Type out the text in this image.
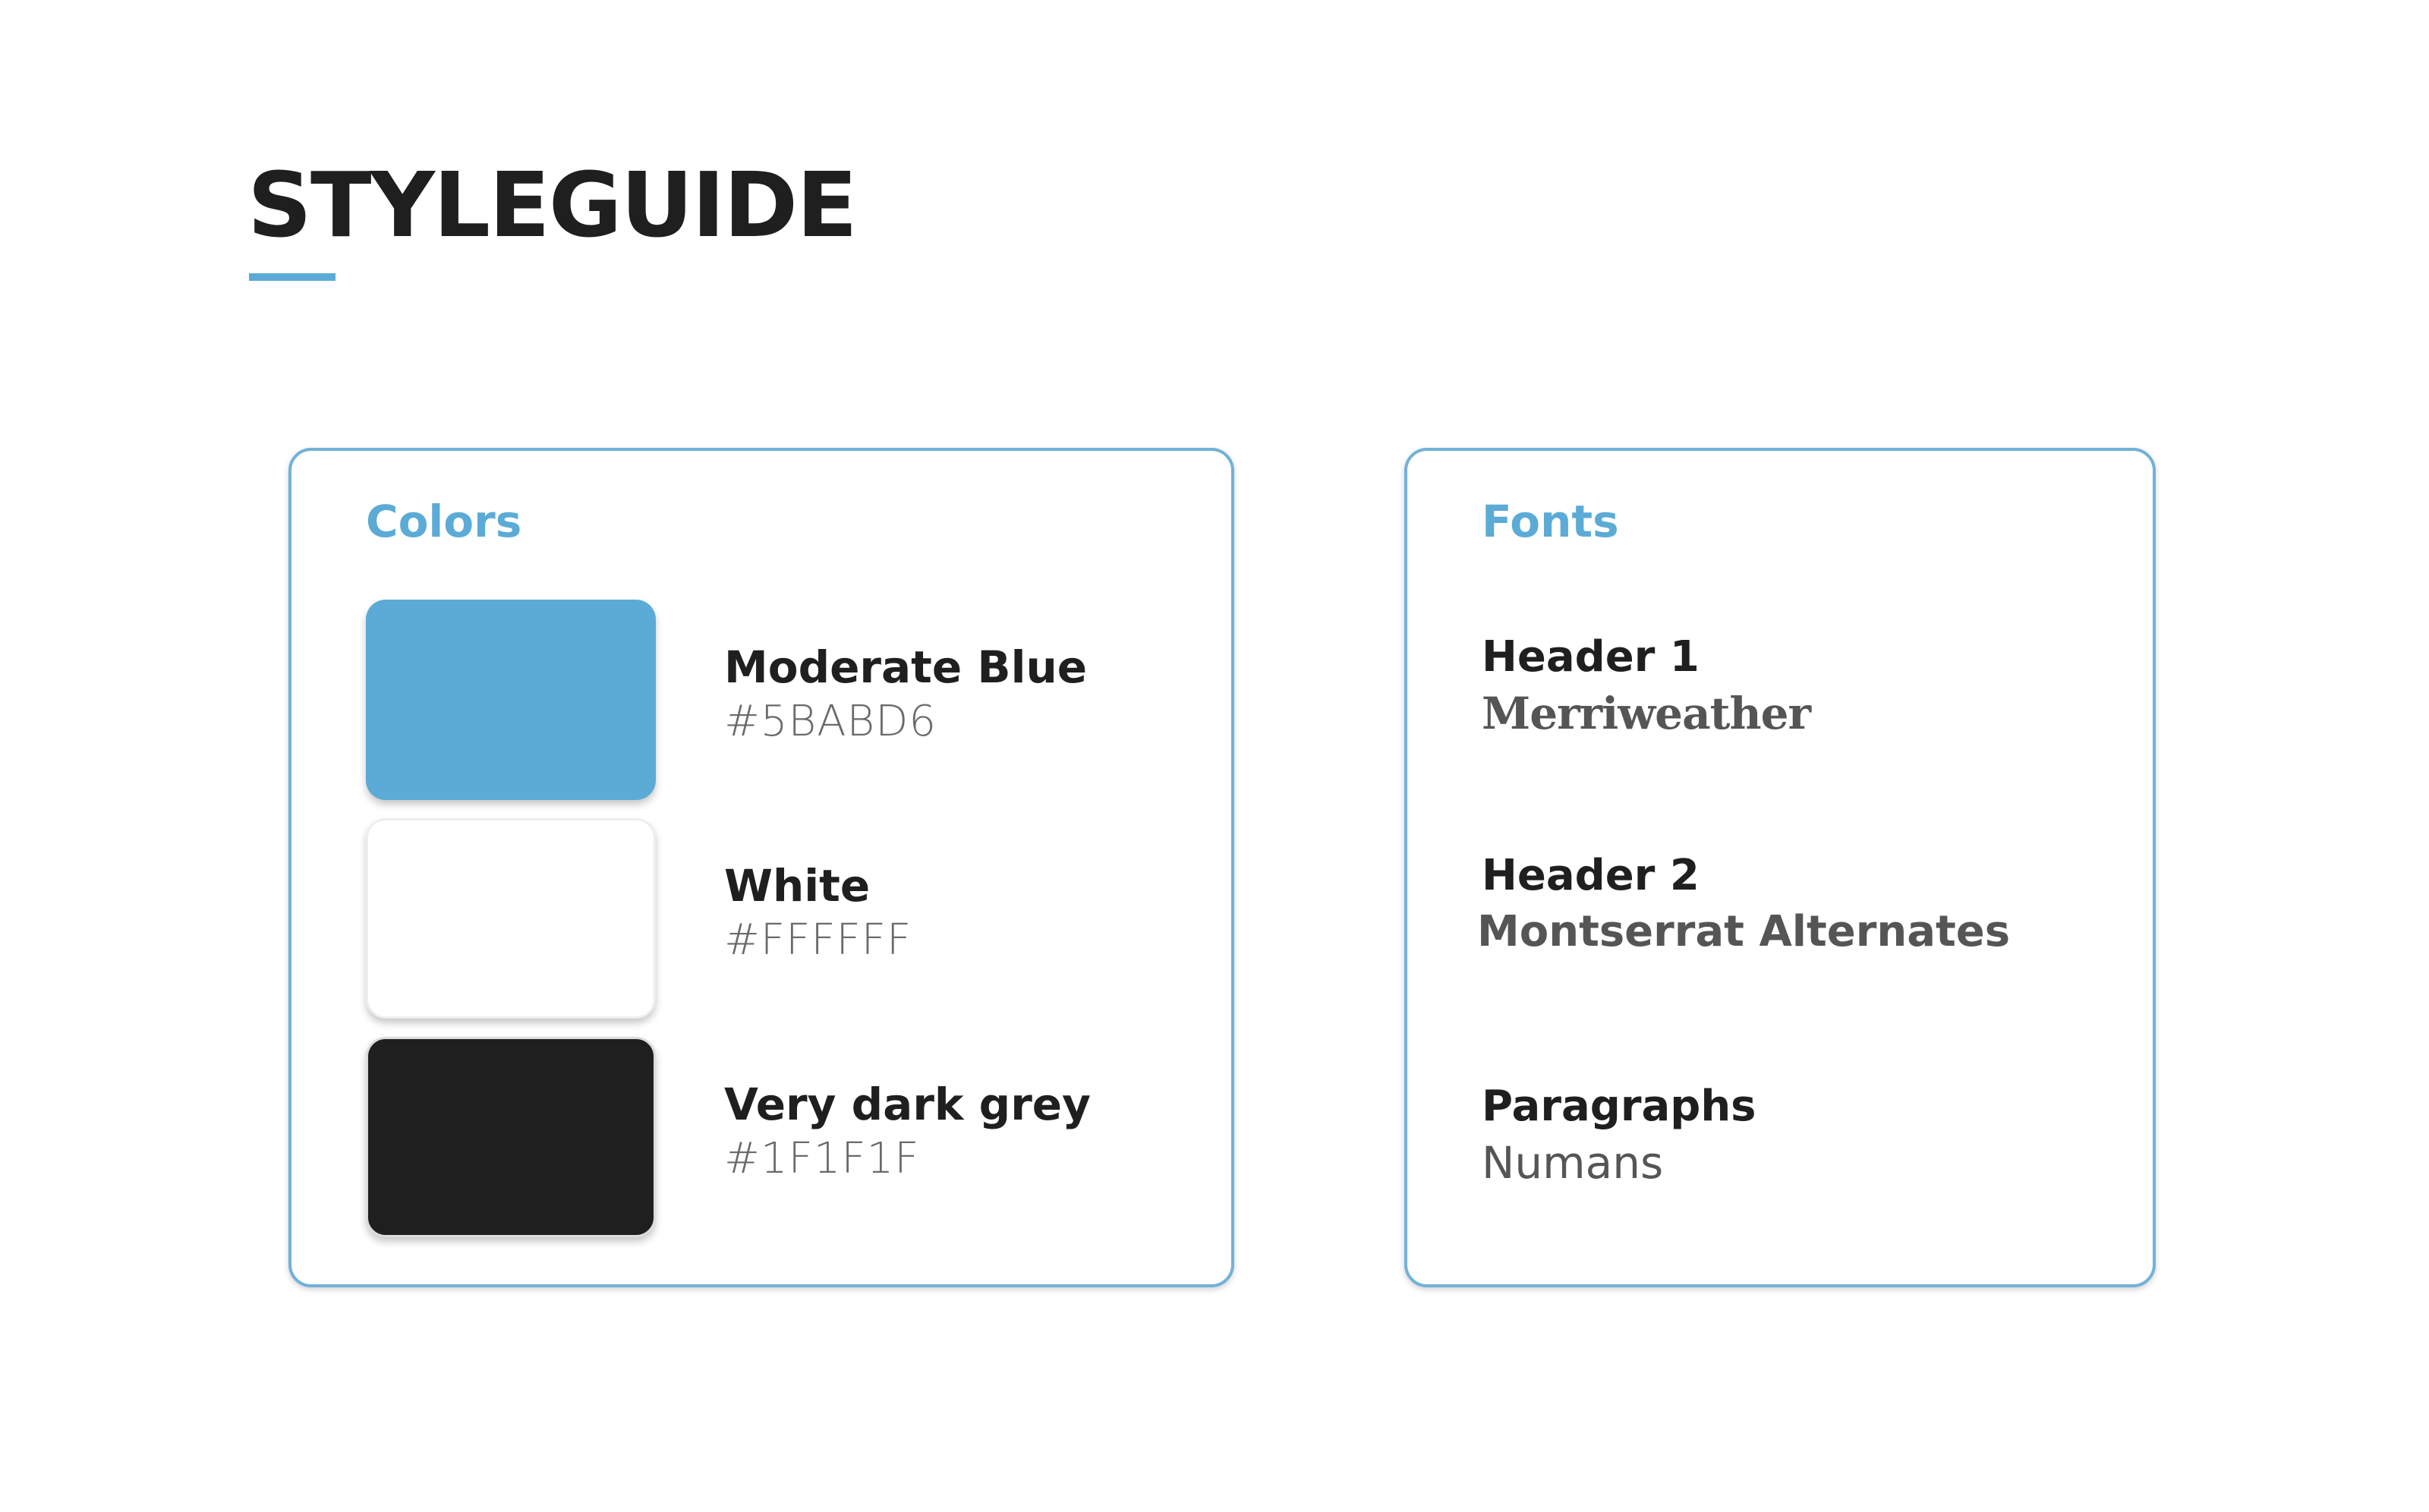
STYLEGUIDE
Colors
Moderate Blue
#5BABD6
White
#FFFFFF
Very dark grey
#1F1F1F
Fonts
Header 1
Merriweather
Header 2
Montserrat Alternates
Paragraphs
Numans
